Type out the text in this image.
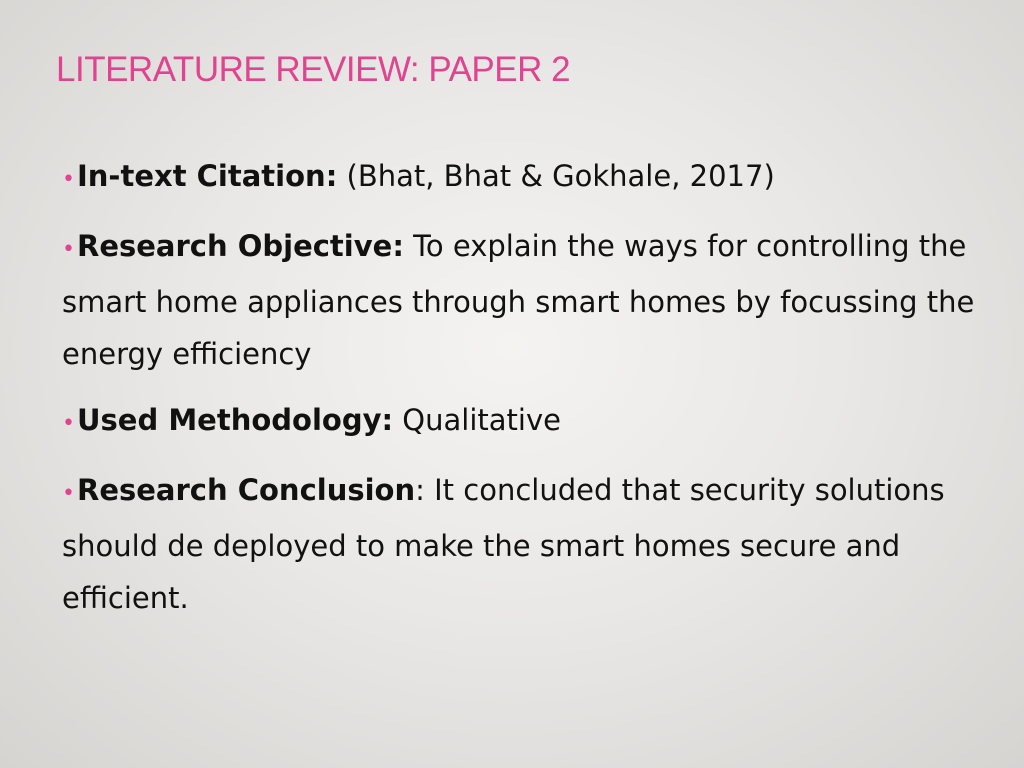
LITERATURE REVIEW: PAPER 2
•In-text Citation: (Bhat, Bhat & Gokhale, 2017)
•Research Objective: To explain the ways for controlling the smart home appliances through smart homes by focussing the energy efficiency
•Used Methodology: Qualitative
•Research Conclusion: It concluded that security solutions should de deployed to make the smart homes secure and efficient.
